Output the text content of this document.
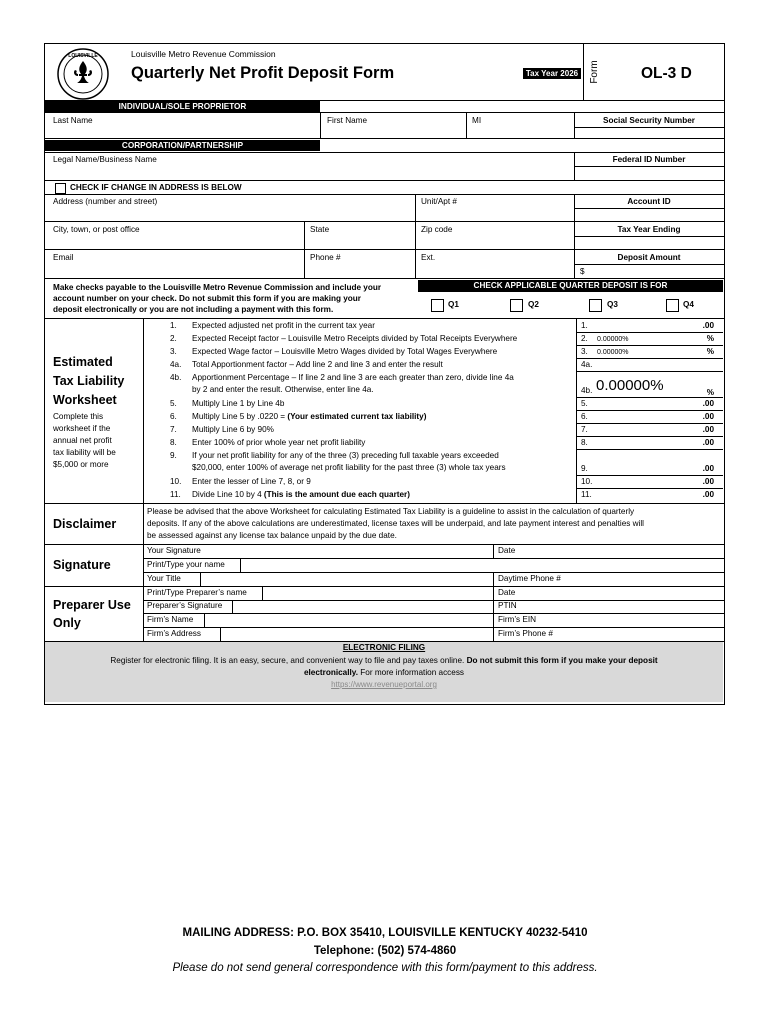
LOUISVILLE	Louisville Metro Revenue Commission
Quarterly Net Profit Deposit Form	Tax Year 2026 Form	OL-3 D
INDIVIDUAL/SOLE PROPRIETOR
Last Name	First Name	MI	Social Security Number
CORPORATION/PARTNERSHIP
Legal Name/Business Name	Federal ID Number
CHECK IF CHANGE IN ADDRESS IS BELOW
Address (number and street)	Unit/Apt #	Account ID
City, town, or post office	State	Zip code	Tax Year Ending
Email	Phone #	Ext.	Deposit Amount
$
Make checks payable to the Louisville Metro Revenue Commission and include your
account number on your check. Do not submit this form if you are making your
deposit electronically or you are not including a payment with this form.
CHECK APPLICABLE QUARTER DEPOSIT IS FOR
Q1	Q2	Q3	Q4
Estimated
Tax Liability
Worksheet
Complete this
worksheet if the
annual net profit
tax liability will be
$5,000 or more
1. Expected adjusted net profit in the current tax year	1.	.00
2. Expected Receipt factor – Louisville Metro Receipts divided by Total Receipts Everywhere	2. 0.00000%	%
3. Expected Wage factor – Louisville Metro Wages divided by Total Wages Everywhere	3. 0.00000%	%
4a. Total Apportionment factor – Add line 2 and line 3 and enter the result	4a.
4b. Apportionment Percentage – If line 2 and line 3 are each greater than zero, divide line 4a
by 2 and enter the result. Otherwise, enter line 4a.	4b. 0.00000%	%
5. Multiply Line 1 by Line 4b	5.	.00
6. Multiply Line 5 by .0220 = (Your estimated current tax liability)	6.	.00
7. Multiply Line 6 by 90%	7.	.00
8. Enter 100% of prior whole year net profit liability	8.	.00
9. If your net profit liability for any of the three (3) preceding full taxable years exceeded
$20,000, enter 100% of average net profit liability for the past three (3) whole tax years	9.	.00
10. Enter the lesser of Line 7, 8, or 9	10.	.00
11. Divide Line 10 by 4 (This is the amount due each quarter)	11.	.00
Disclaimer
Please be advised that the above Worksheet for calculating Estimated Tax Liability is a guideline to assist in the calculation of quarterly
deposits. If any of the above calculations are underestimated, license taxes will be underpaid, and late payment interest and penalties will
be assessed against any license tax balance unpaid by the due date.
Signature
Your Signature	Date
Print/Type your name
Your Title	Daytime Phone #
Preparer Use
Only
Print/Type Preparer’s name	Date
Preparer’s Signature	PTIN
Firm’s Name	Firm’s EIN
Firm’s Address	Firm’s Phone #
ELECTRONIC FILING
Register for electronic filing. It is an easy, secure, and convenient way to file and pay taxes online. Do not submit this form if you make your deposit
electronically. For more information access
https://www.revenueportal.org
MAILING ADDRESS: P.O. BOX 35410, LOUISVILLE KENTUCKY 40232-5410
Telephone: (502) 574-4860
Please do not send general correspondence with this form/payment to this address.
